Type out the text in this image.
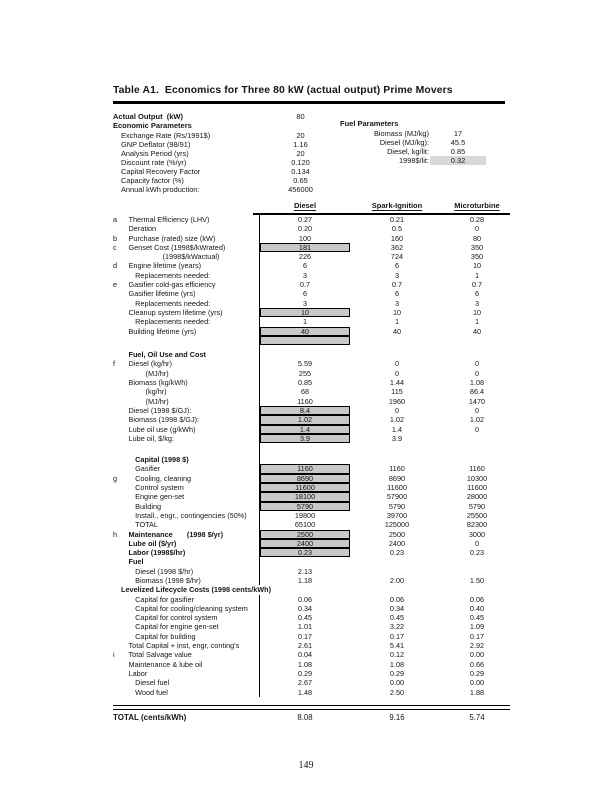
Table A1.  Economics for Three 80 kW (actual output) Prime Movers
Actual Output  (kW)	80
Economic Parameters
Exchange Rate (Rs/1991$)	20
GNP Deflator (98/91)	1.16
Analysis Period (yrs)	20
Discount rate (%/yr)	0.120
Capital Recovery Factor	0.134
Capacity factor (%)	0.65
Annual kWh production:	456000
Fuel Parameters
Biomass (MJ/kg)	17
Diesel (MJ/kg):	45.5
Diesel, kg/lit:	0.85
1998$/lit:	0.32
Diesel	Spark-Ignition	Microturbine
a	Thermal Efficiency (LHV)	0.27	0.21	0.28
Deration	0.20	0.5	0
b	Purchase (rated) size (kW)	100	160	80
c	Genset Cost (1998$/kWrated)	181	362	350
(1998$/kWactual)	226	724	350
d	Engine lifetime (years)	6	6	10
Replacements needed:	3	3	1
e	Gasifier cold-gas efficiency	0.7	0.7	0.7
Gasifier lifetime (yrs)	6	6	6
Replacements needed:	3	3	3
Cleanup system lifetime (yrs)	10	10	10
Replacements needed:	1	1	1
Building lifetime (yrs)	40	40	40
Fuel, Oil Use and Cost
f	Diesel (kg/hr)	5.59	0	0
(MJ/hr)	255	0	0
Biomass (kg/kWh)	0.85	1.44	1.08
(kg/hr)	68	115	86.4
(MJ/hr)	1160	1960	1470
Diesel (1998 $/GJ):	8.4	0	0
Biomass (1998 $/GJ):	1.02	1.02	1.02
Lube oil use (g/kWh)	1.4	1.4	0
Lube oil, $/kg:	3.9	3.9
Capital (1998 $)
Gasifier	1160	1160	1160
g	Cooling, cleaning	8690	8690	10300
Control system	11600	11600	11600
Engine gen-set	18100	57900	28000
Building	5790	5790	5790
Install., engr., contingencies (50%)	19800	39700	25500
TOTAL	65100	125000	82300
h	Maintenance       (1998 $/yr)	2500	2500	3000
Lube oil ($/yr)	2400	2400	0
Labor (1998$/hr)	0.23	0.23	0.23
Fuel
Diesel (1998 $/hr)	2.13
Biomass (1998 $/hr)	1.18	2.00	1.50
Levelized Lifecycle Costs (1998 cents/kWh)
Capital for gasifier	0.06	0.06	0.06
Capital for cooling/cleaning system	0.34	0.34	0.40
Capital for control system	0.45	0.45	0.45
Capital for engine gen-set	1.01	3.22	1.09
Capital for building	0.17	0.17	0.17
Total Capital + inst, engr, conting's	2.61	5.41	2.92
i	Total Salvage value	0.04	0.12	0.00
Maintenance & lube oil	1.08	1.08	0.66
Labor	0.29	0.29	0.29
Diesel fuel	2.67	0.00	0.00
Wood fuel	1.48	2.50	1.88
TOTAL (cents/kWh)	8.08	9.16	5.74
149
